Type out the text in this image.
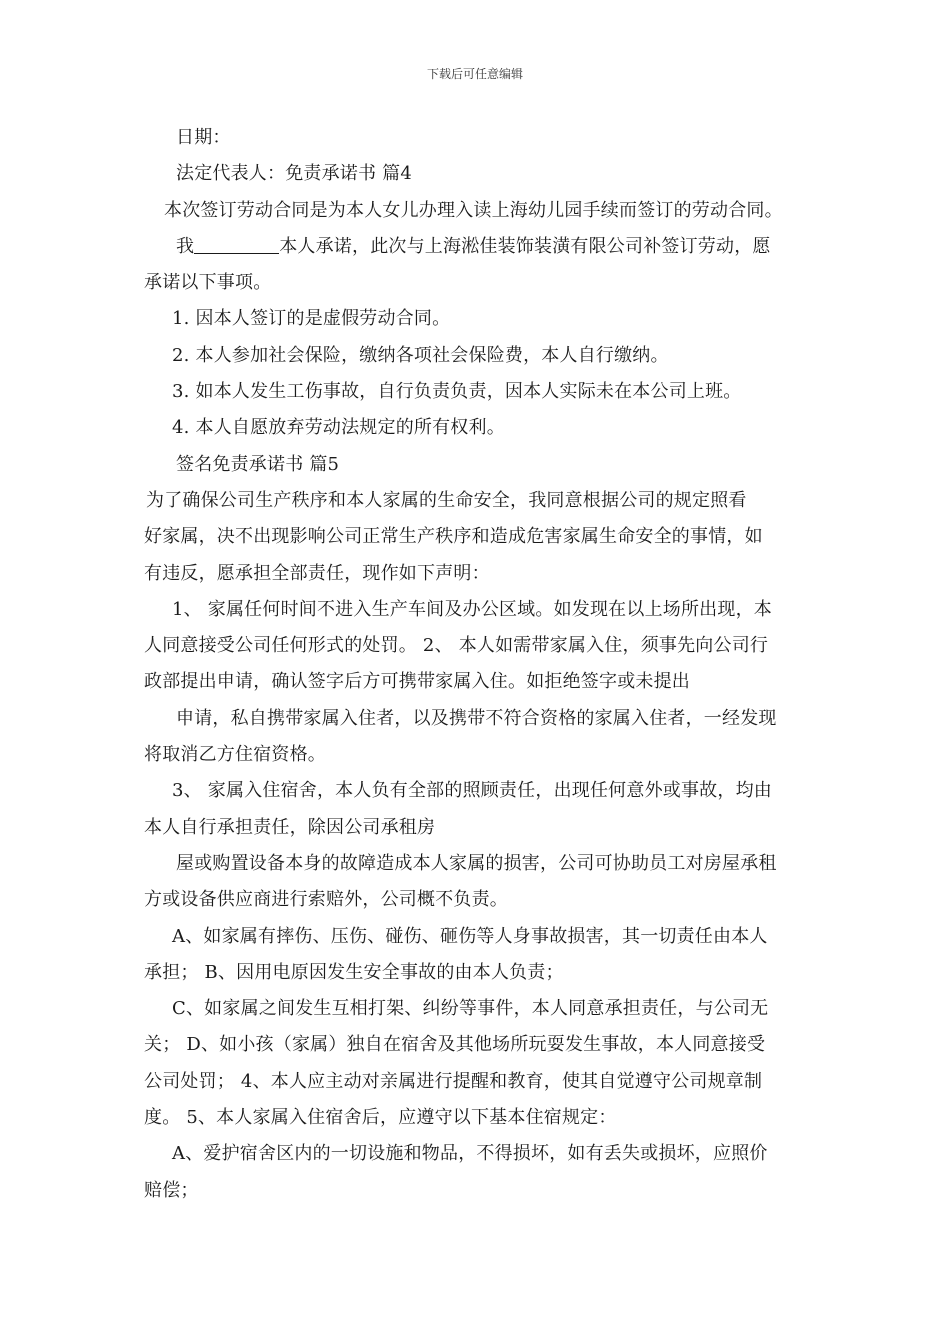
下载后可任意编辑

日期：

法定代表人：免责承诺书 篇4

本次签订劳动合同是为本人女儿办理入读上海幼儿园手续而签订的劳动合同。

我	本人承诺，此次与上海淞佳装饰装潢有限公司补签订劳动，愿

承诺以下事项。

1. 因本人签订的是虚假劳动合同。

2. 本人参加社会保险，缴纳各项社会保险费，本人自行缴纳。

3. 如本人发生工伤事故，自行负责负责，因本人实际未在本公司上班。

4. 本人自愿放弃劳动法规定的所有权利。

签名免责承诺书 篇5

为了确保公司生产秩序和本人家属的生命安全，我同意根据公司的规定照看

好家属，决不出现影响公司正常生产秩序和造成危害家属生命安全的事情，如

有违反，愿承担全部责任，现作如下声明：

1、 家属任何时间不进入生产车间及办公区域。如发现在以上场所出现，本

人同意接受公司任何形式的处罚。 2、 本人如需带家属入住，须事先向公司行

政部提出申请，确认签字后方可携带家属入住。如拒绝签字或未提出

申请，私自携带家属入住者，以及携带不符合资格的家属入住者，一经发现

将取消乙方住宿资格。

3、 家属入住宿舍，本人负有全部的照顾责任，出现任何意外或事故，均由

本人自行承担责任，除因公司承租房

屋或购置设备本身的故障造成本人家属的损害，公司可协助员工对房屋承租

方或设备供应商进行索赔外，公司概不负责。

A、如家属有摔伤、压伤、碰伤、砸伤等人身事故损害，其一切责任由本人

承担； B、因用电原因发生安全事故的由本人负责；

C、如家属之间发生互相打架、纠纷等事件，本人同意承担责任，与公司无

关； D、如小孩（家属）独自在宿舍及其他场所玩耍发生事故，本人同意接受

公司处罚； 4、本人应主动对亲属进行提醒和教育，使其自觉遵守公司规章制

度。 5、本人家属入住宿舍后，应遵守以下基本住宿规定：

A、爱护宿舍区内的一切设施和物品，不得损坏，如有丢失或损坏，应照价

赔偿；
